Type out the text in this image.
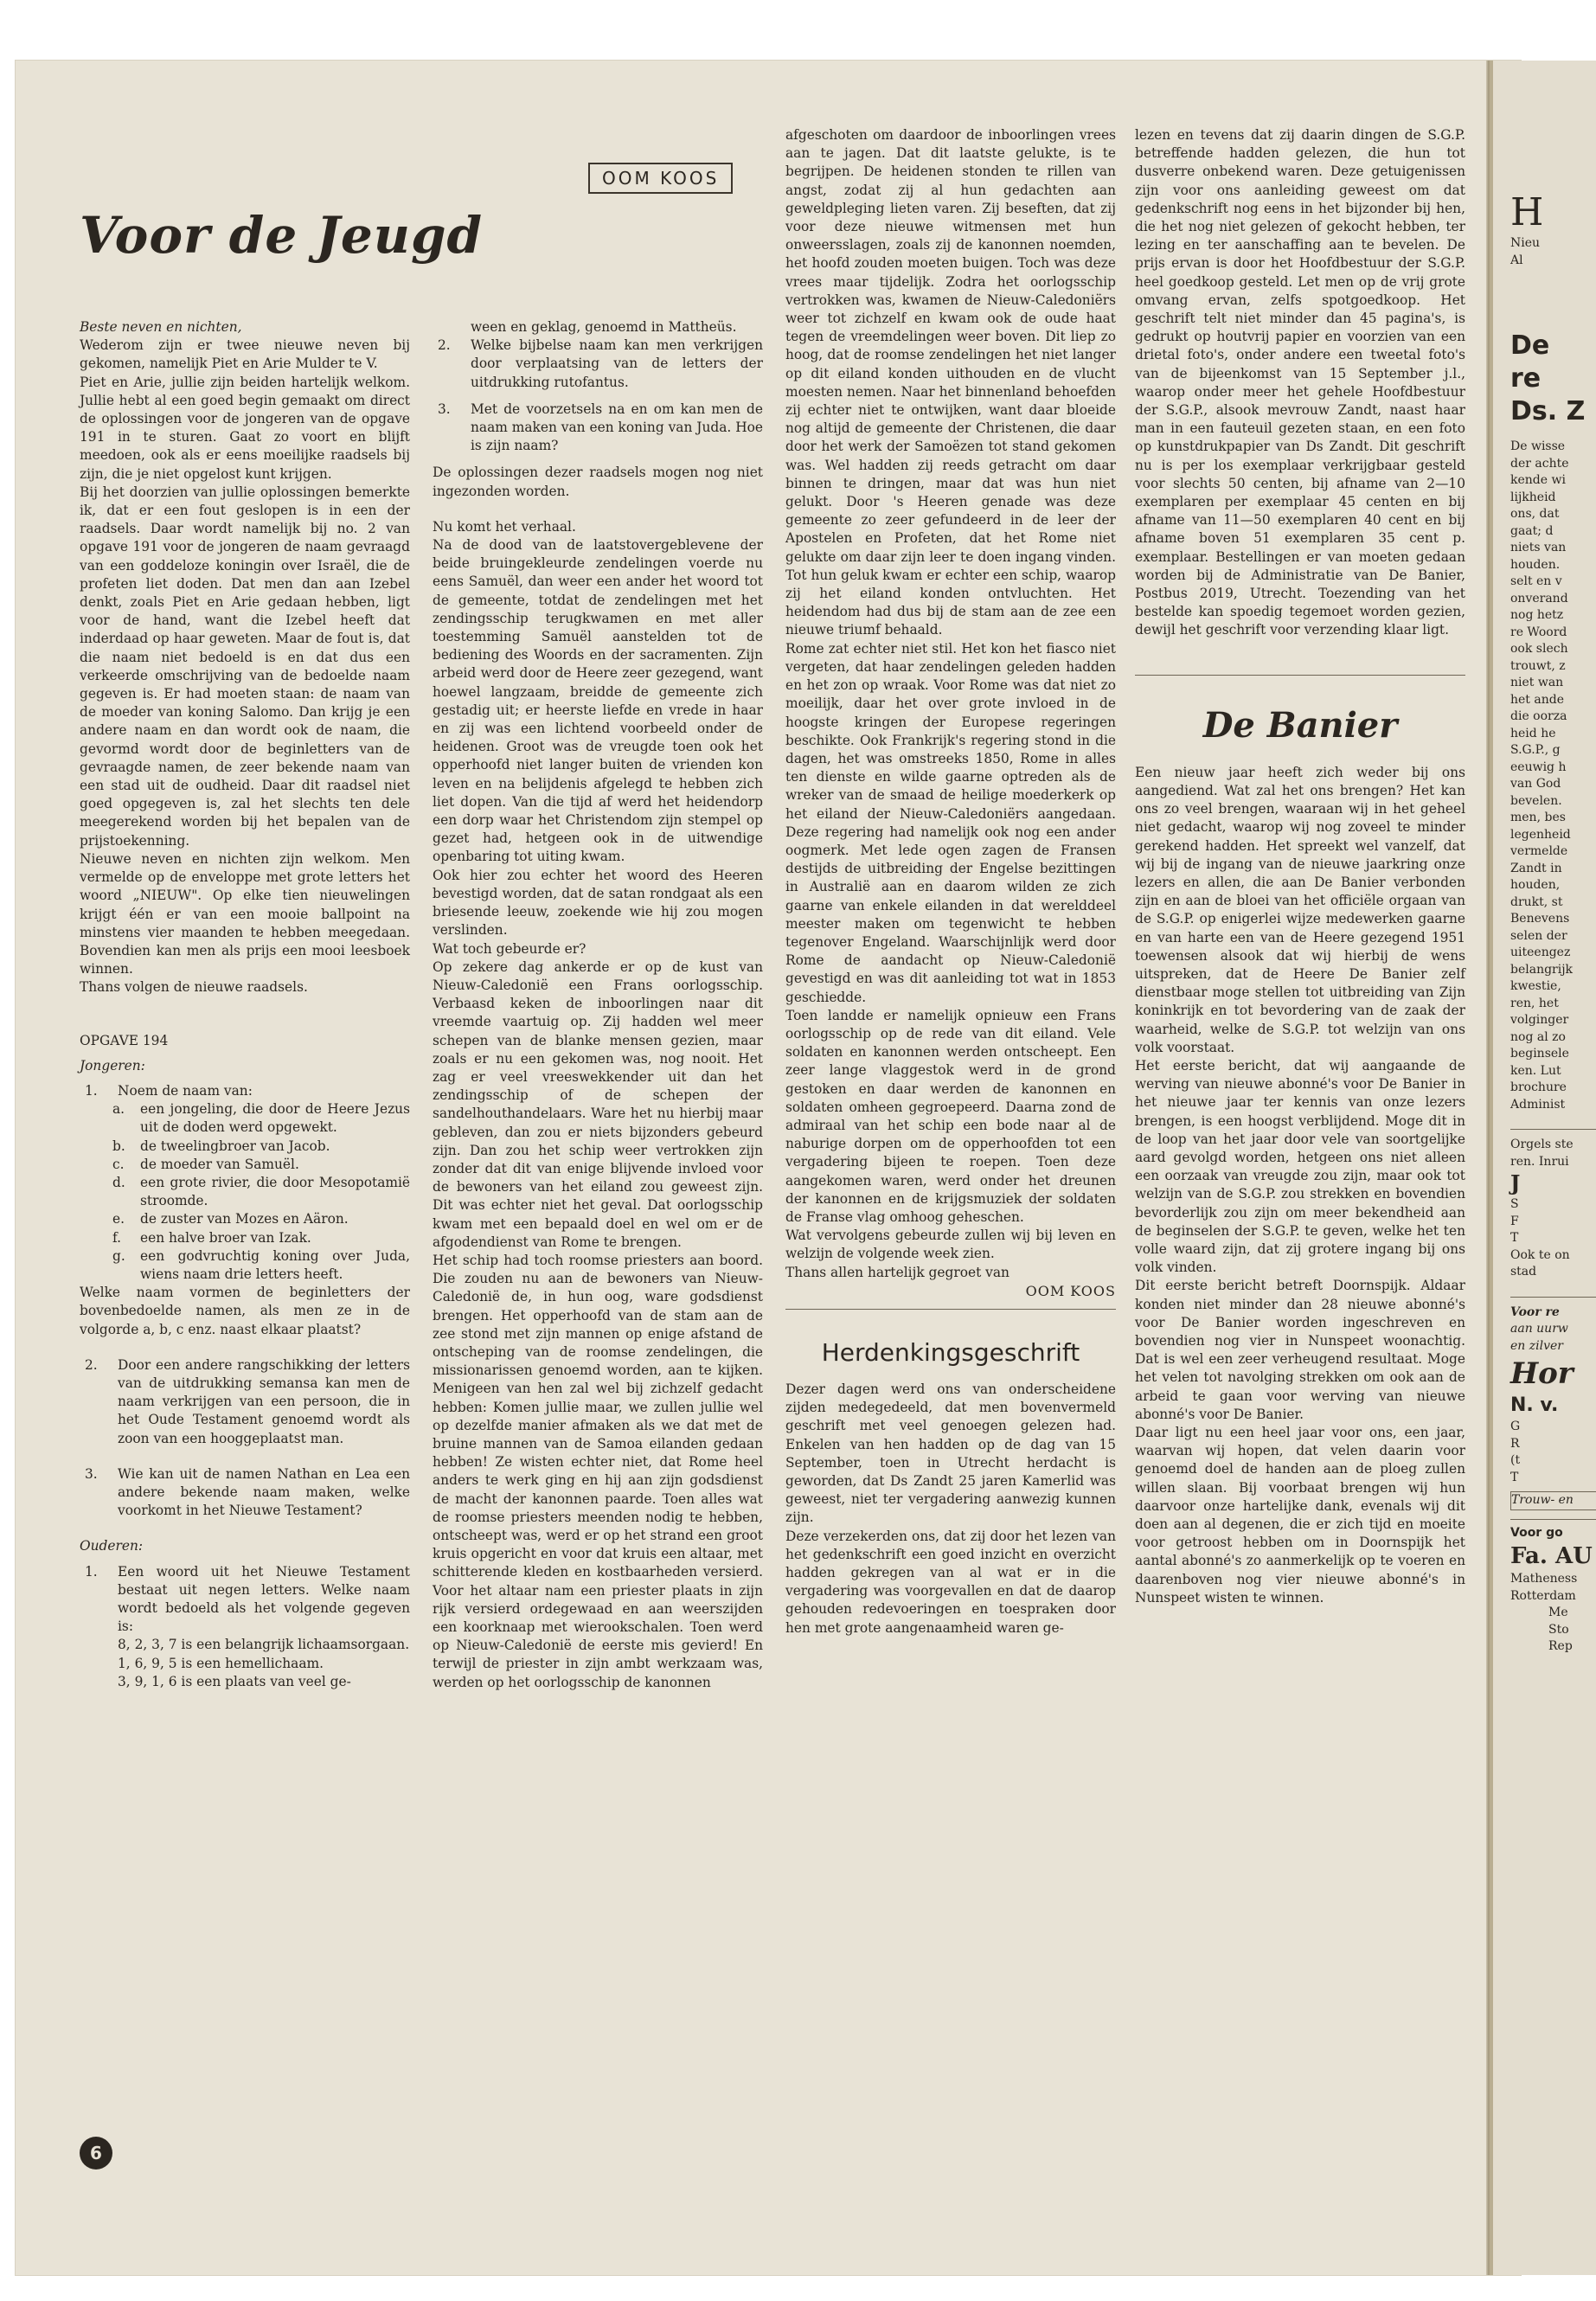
OOM KOOS
Voor de Jeugd

Beste neven en nichten,

Wederom zijn er twee nieuwe neven bij gekomen, namelijk Piet en Arie Mulder te V.

Piet en Arie, jullie zijn beiden hartelijk welkom. Jullie hebt al een goed begin gemaakt om direct de oplossingen voor de jongeren van de opgave 191 in te sturen. Gaat zo voort en blijft meedoen, ook als er eens moeilijke raadsels bij zijn, die je niet opgelost kunt krijgen.

Bij het doorzien van jullie oplossingen bemerkte ik, dat er een fout geslopen is in een der raadsels. Daar wordt namelijk bij no. 2 van opgave 191 voor de jongeren de naam gevraagd van een goddeloze koningin over Israël, die de profeten liet doden. Dat men dan aan Izebel denkt, zoals Piet en Arie gedaan hebben, ligt voor de hand, want die Izebel heeft dat inderdaad op haar geweten. Maar de fout is, dat die naam niet bedoeld is en dat dus een verkeerde omschrijving van de bedoelde naam gegeven is. Er had moeten staan: de naam van de moeder van koning Salomo. Dan krijg je een andere naam en dan wordt ook de naam, die gevormd wordt door de beginletters van de gevraagde namen, de zeer bekende naam van een stad uit de oudheid. Daar dit raadsel niet goed opgegeven is, zal het slechts ten dele meegerekend worden bij het bepalen van de prijstoekenning.

Nieuwe neven en nichten zijn welkom. Men vermelde op de enveloppe met grote letters het woord „NIEUW". Op elke tien nieuwelingen krijgt één er van een mooie ballpoint na minstens vier maanden te hebben meegedaan. Bovendien kan men als prijs een mooi leesboek winnen.

Thans volgen de nieuwe raadsels.

OPGAVE 194

Jongeren:

1. Noem de naam van:
a. een jongeling, die door de Heere Jezus uit de doden werd opgewekt.
b. de tweelingbroer van Jacob.
c. de moeder van Samuël.
d. een grote rivier, die door Mesopotamië stroomde.
e. de zuster van Mozes en Aäron.
f. een halve broer van Izak.
g. een godvruchtig koning over Juda, wiens naam drie letters heeft.

Welke naam vormen de beginletters der bovenbedoelde namen, als men ze in de volgorde a, b, c enz. naast elkaar plaatst?

2. Door een andere rangschikking der letters van de uitdrukking semansa kan men de naam verkrijgen van een persoon, die in het Oude Testament genoemd wordt als zoon van een hooggeplaatst man.
3. Wie kan uit de namen Nathan en Lea een andere bekende naam maken, welke voorkomt in het Nieuwe Testament?

Ouderen:

1. Een woord uit het Nieuwe Testament bestaat uit negen letters. Welke naam wordt bedoeld als het volgende gegeven is:
8, 2, 3, 7 is een belangrijk lichaamsorgaan.
1, 6, 9, 5 is een hemellichaam.
3, 9, 1, 6 is een plaats van veel ge-
ween en geklag, genoemd in Mattheüs.
2. Welke bijbelse naam kan men verkrijgen door verplaatsing van de letters der uitdrukking rutofantus.
3. Met de voorzetsels na en om kan men de naam maken van een koning van Juda. Hoe is zijn naam?

De oplossingen dezer raadsels mogen nog niet ingezonden worden.

Nu komt het verhaal.

Na de dood van de laatstovergeblevene der beide bruingekleurde zendelingen voerde nu eens Samuël, dan weer een ander het woord tot de gemeente, totdat de zendelingen met het zendingsschip terugkwamen en met aller toestemming Samuël aanstelden tot de bediening des Woords en der sacramenten. Zijn arbeid werd door de Heere zeer gezegend, want hoewel langzaam, breidde de gemeente zich gestadig uit; er heerste liefde en vrede in haar en zij was een lichtend voorbeeld onder de heidenen. Groot was de vreugde toen ook het opperhoofd niet langer buiten de vrienden kon leven en na belijdenis afgelegd te hebben zich liet dopen. Van die tijd af werd het heidendorp een dorp waar het Christendom zijn stempel op gezet had, hetgeen ook in de uitwendige openbaring tot uiting kwam.

Ook hier zou echter het woord des Heeren bevestigd worden, dat de satan rondgaat als een briesende leeuw, zoekende wie hij zou mogen verslinden.

Wat toch gebeurde er?

Op zekere dag ankerde er op de kust van Nieuw-Caledonië een Frans oorlogsschip. Verbaasd keken de inboorlingen naar dit vreemde vaartuig op. Zij hadden wel meer schepen van de blanke mensen gezien, maar zoals er nu een gekomen was, nog nooit. Het zag er veel vreeswekkender uit dan het zendingsschip of de schepen der sandelhouthandelaars. Ware het nu hierbij maar gebleven, dan zou er niets bijzonders gebeurd zijn. Dan zou het schip weer vertrokken zijn zonder dat dit van enige blijvende invloed voor de bewoners van het eiland zou geweest zijn. Dit was echter niet het geval. Dat oorlogsschip kwam met een bepaald doel en wel om er de afgodendienst van Rome te brengen.

Het schip had toch roomse priesters aan boord. Die zouden nu aan de bewoners van Nieuw-Caledonië de, in hun oog, ware godsdienst brengen. Het opperhoofd van de stam aan de zee stond met zijn mannen op enige afstand de ontscheping van de roomse zendelingen, die missionarissen genoemd worden, aan te kijken. Menigeen van hen zal wel bij zichzelf gedacht hebben: Komen jullie maar, we zullen jullie wel op dezelfde manier afmaken als we dat met de bruine mannen van de Samoa eilanden gedaan hebben! Ze wisten echter niet, dat Rome heel anders te werk ging en hij aan zijn godsdienst de macht der kanonnen paarde. Toen alles wat de roomse priesters meenden nodig te hebben, ontscheept was, werd er op het strand een groot kruis opgericht en voor dat kruis een altaar, met schitterende kleden en kostbaarheden versierd. Voor het altaar nam een priester plaats in zijn rijk versierd ordegewaad en aan weerszijden een koorknaap met wierookschalen. Toen werd op Nieuw-Caledonië de eerste mis gevierd! En terwijl de priester in zijn ambt werkzaam was, werden op het oorlogsschip de kanonnen

afgeschoten om daardoor de inboorlingen vrees aan te jagen. Dat dit laatste gelukte, is te begrijpen. De heidenen stonden te rillen van angst, zodat zij al hun gedachten aan geweldpleging lieten varen. Zij beseften, dat zij voor deze nieuwe witmensen met hun onweersslagen, zoals zij de kanonnen noemden, het hoofd zouden moeten buigen. Toch was deze vrees maar tijdelijk. Zodra het oorlogsschip vertrokken was, kwamen de Nieuw-Caledoniërs weer tot zichzelf en kwam ook de oude haat tegen de vreemdelingen weer boven. Dit liep zo hoog, dat de roomse zendelingen het niet langer op dit eiland konden uithouden en de vlucht moesten nemen. Naar het binnenland behoefden zij echter niet te ontwijken, want daar bloeide nog altijd de gemeente der Christenen, die daar door het werk der Samoëzen tot stand gekomen was. Wel hadden zij reeds getracht om daar binnen te dringen, maar dat was hun niet gelukt. Door 's Heeren genade was deze gemeente zo zeer gefundeerd in de leer der Apostelen en Profeten, dat het Rome niet gelukte om daar zijn leer te doen ingang vinden. Tot hun geluk kwam er echter een schip, waarop zij het eiland konden ontvluchten. Het heidendom had dus bij de stam aan de zee een nieuwe triumf behaald.

Rome zat echter niet stil. Het kon het fiasco niet vergeten, dat haar zendelingen geleden hadden en het zon op wraak. Voor Rome was dat niet zo moeilijk, daar het over grote invloed in de hoogste kringen der Europese regeringen beschikte. Ook Frankrijk's regering stond in die dagen, het was omstreeks 1850, Rome in alles ten dienste en wilde gaarne optreden als de wreker van de smaad de heilige moederkerk op het eiland der Nieuw-Caledoniërs aangedaan. Deze regering had namelijk ook nog een ander oogmerk. Met lede ogen zagen de Fransen destijds de uitbreiding der Engelse bezittingen in Australië aan en daarom wilden ze zich gaarne van enkele eilanden in dat werelddeel meester maken om tegenwicht te hebben tegenover Engeland. Waarschijnlijk werd door Rome de aandacht op Nieuw-Caledonië gevestigd en was dit aanleiding tot wat in 1853 geschiedde.

Toen landde er namelijk opnieuw een Frans oorlogsschip op de rede van dit eiland. Vele soldaten en kanonnen werden ontscheept. Een zeer lange vlaggestok werd in de grond gestoken en daar werden de kanonnen en soldaten omheen gegroepeerd. Daarna zond de admiraal van het schip een bode naar al de naburige dorpen om de opperhoofden tot een vergadering bijeen te roepen. Toen deze aangekomen waren, werd onder het dreunen der kanonnen en de krijgsmuziek der soldaten de Franse vlag omhoog geheschen.

Wat vervolgens gebeurde zullen wij bij leven en welzijn de volgende week zien.

Thans allen hartelijk gegroet van

OOM KOOS

Herdenkingsgeschrift

Dezer dagen werd ons van onderscheidene zijden medegedeeld, dat men bovenvermeld geschrift met veel genoegen gelezen had. Enkelen van hen hadden op de dag van 15 September, toen in Utrecht herdacht is geworden, dat Ds Zandt 25 jaren Kamerlid was geweest, niet ter vergadering aanwezig kunnen zijn.

Deze verzekerden ons, dat zij door het lezen van het gedenkschrift een goed inzicht en overzicht hadden gekregen van al wat er in die vergadering was voorgevallen en dat de daarop gehouden redevoeringen en toespraken door hen met grote aangenaamheid waren ge-

lezen en tevens dat zij daarin dingen de S.G.P. betreffende hadden gelezen, die hun tot dusverre onbekend waren. Deze getuigenissen zijn voor ons aanleiding geweest om dat gedenkschrift nog eens in het bijzonder bij hen, die het nog niet gelezen of gekocht hebben, ter lezing en ter aanschaffing aan te bevelen. De prijs ervan is door het Hoofdbestuur der S.G.P. heel goedkoop gesteld. Let men op de vrij grote omvang ervan, zelfs spotgoedkoop. Het geschrift telt niet minder dan 45 pagina's, is gedrukt op houtvrij papier en voorzien van een drietal foto's, onder andere een tweetal foto's van de bijeenkomst van 15 September j.l., waarop onder meer het gehele Hoofdbestuur der S.G.P., alsook mevrouw Zandt, naast haar man in een fauteuil gezeten staan, en een foto op kunstdrukpapier van Ds Zandt. Dit geschrift nu is per los exemplaar verkrijgbaar gesteld voor slechts 50 centen, bij afname van 2—10 exemplaren per exemplaar 45 centen en bij afname van 11—50 exemplaren 40 cent en bij afname boven 51 exemplaren 35 cent p. exemplaar. Bestellingen er van moeten gedaan worden bij de Administratie van De Banier, Postbus 2019, Utrecht. Toezending van het bestelde kan spoedig tegemoet worden gezien, dewijl het geschrift voor verzending klaar ligt.

De Banier

Een nieuw jaar heeft zich weder bij ons aangediend. Wat zal het ons brengen? Het kan ons zo veel brengen, waaraan wij in het geheel niet gedacht, waarop wij nog zoveel te minder gerekend hadden. Het spreekt wel vanzelf, dat wij bij de ingang van de nieuwe jaarkring onze lezers en allen, die aan De Banier verbonden zijn en aan de bloei van het officiële orgaan van de S.G.P. op enigerlei wijze medewerken gaarne en van harte een van de Heere gezegend 1951 toewensen alsook dat wij hierbij de wens uitspreken, dat de Heere De Banier zelf dienstbaar moge stellen tot uitbreiding van Zijn koninkrijk en tot bevordering van de zaak der waarheid, welke de S.G.P. tot welzijn van ons volk voorstaat.

Het eerste bericht, dat wij aangaande de werving van nieuwe abonné's voor De Banier in het nieuwe jaar ter kennis van onze lezers brengen, is een hoogst verblijdend. Moge dit in de loop van het jaar door vele van soortgelijke aard gevolgd worden, hetgeen ons niet alleen een oorzaak van vreugde zou zijn, maar ook tot welzijn van de S.G.P. zou strekken en bovendien bevorderlijk zou zijn om meer bekendheid aan de beginselen der S.G.P. te geven, welke het ten volle waard zijn, dat zij grotere ingang bij ons volk vinden.

Dit eerste bericht betreft Doornspijk. Aldaar konden niet minder dan 28 nieuwe abonné's voor De Banier worden ingeschreven en bovendien nog vier in Nunspeet woonachtig. Dat is wel een zeer verheugend resultaat. Moge het velen tot navolging strekken om ook aan de arbeid te gaan voor werving van nieuwe abonné's voor De Banier.

Daar ligt nu een heel jaar voor ons, een jaar, waarvan wij hopen, dat velen daarin voor genoemd doel de handen aan de ploeg zullen willen slaan. Bij voorbaat brengen wij hun daarvoor onze hartelijke dank, evenals wij dit doen aan al degenen, die er zich tijd en moeite voor getroost hebben om in Doornspijk het aantal abonné's zo aanmerkelijk op te voeren en daarenboven nog vier nieuwe abonné's in Nunspeet wisten te winnen.

6
H
Nieu
Al
De
re
Ds. Z
De wisse
der achte
kende wi
lijkheid
ons, dat
gaat; d
niets van
houden.
selt en v
onverand
nog hetz
re Woord
ook slech
trouwt, z
niet wan
het ande
die oorza
heid he
S.G.P., g
eeuwig h
van God
bevelen.
men, bes
legenheid
vermelde
Zandt in
houden,
drukt, st
Benevens
selen der
uiteengez
belangrijk
kwestie,
ren, het
volginger
nog al zo
beginsele
ken. Lut
brochure
Administ
Orgels ste
ren. Inrui
J
S
F
T
Ook te on
stad
Voor re
aan uurw
en zilver
Hor
N. v.
G
R
(t
T
Trouw- en
Voor go
Fa. AU
Matheness
Rotterdam
Me
Sto
Rep
